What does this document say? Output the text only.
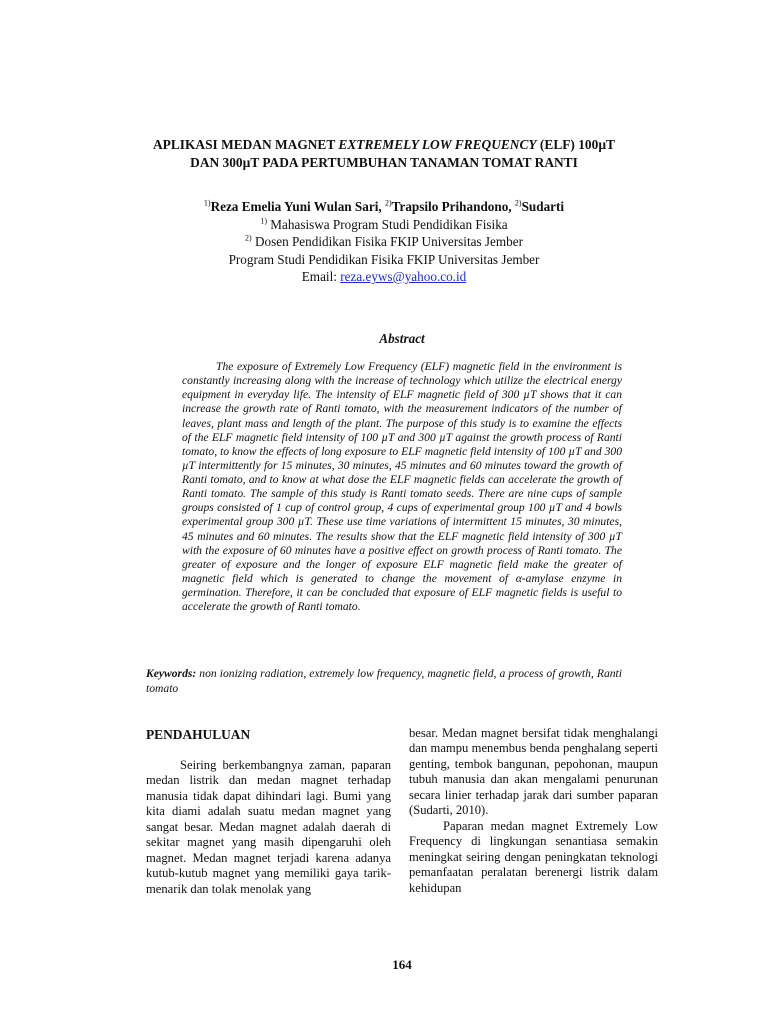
APLIKASI MEDAN MAGNET EXTREMELY LOW FREQUENCY (ELF) 100µT
DAN 300µT PADA PERTUMBUHAN TANAMAN TOMAT RANTI
$^{1)}$Reza Emelia Yuni Wulan Sari, $^{2)}$Trapsilo Prihandono, $^{2)}$Sudarti
$^{1)}$ Mahasiswa Program Studi Pendidikan Fisika
$^{2)}$ Dosen Pendidikan Fisika FKIP Universitas Jember
Program Studi Pendidikan Fisika FKIP Universitas Jember
Email: reza.eyws@yahoo.co.id
Abstract

The exposure of Extremely Low Frequency (ELF) magnetic field in the environment is constantly increasing along with the increase of technology which utilize the electrical energy equipment in everyday life. The intensity of ELF magnetic field of 300 µT shows that it can increase the growth rate of Ranti tomato, with the measurement indicators of the number of leaves, plant mass and length of the plant. The purpose of this study is to examine the effects of the ELF magnetic field intensity of 100 µT and 300 µT against the growth process of Ranti tomato, to know the effects of long exposure to ELF magnetic field intensity of 100 µT and 300 µT intermittently for 15 minutes, 30 minutes, 45 minutes and 60 minutes toward the growth of Ranti tomato, and to know at what dose the ELF magnetic fields can accelerate the growth of Ranti tomato. The sample of this study is Ranti tomato seeds. There are nine cups of sample groups consisted of 1 cup of control group, 4 cups of experimental group 100 µT and 4 bowls experimental group 300 µT. These use time variations of intermittent 15 minutes, 30 minutes, 45 minutes and 60 minutes. The results show that the ELF magnetic field intensity of 300 µT with the exposure of 60 minutes have a positive effect on growth process of Ranti tomato. The greater of exposure and the longer of exposure ELF magnetic field make the greater of magnetic field which is generated to change the movement of α-amylase enzyme in germination. Therefore, it can be concluded that exposure of ELF magnetic fields is useful to accelerate the growth of Ranti tomato.

Keywords: non ionizing radiation, extremely low frequency, magnetic field, a process of growth, Ranti tomato

PENDAHULUAN

Seiring berkembangnya zaman, paparan medan listrik dan medan magnet terhadap manusia tidak dapat dihindari lagi. Bumi yang kita diami adalah suatu medan magnet yang sangat besar. Medan magnet adalah daerah di sekitar magnet yang masih dipengaruhi oleh magnet. Medan magnet terjadi karena adanya kutub-kutub magnet yang memiliki gaya tarik-menarik dan tolak menolak yang

besar. Medan magnet bersifat tidak menghalangi dan mampu menembus benda penghalang seperti genting, tembok bangunan, pepohonan, maupun tubuh manusia dan akan mengalami penurunan secara linier terhadap jarak dari sumber paparan (Sudarti, 2010).

Paparan medan magnet Extremely Low Frequency di lingkungan senantiasa semakin meningkat seiring dengan peningkatan teknologi pemanfaatan peralatan berenergi listrik dalam kehidupan

164
